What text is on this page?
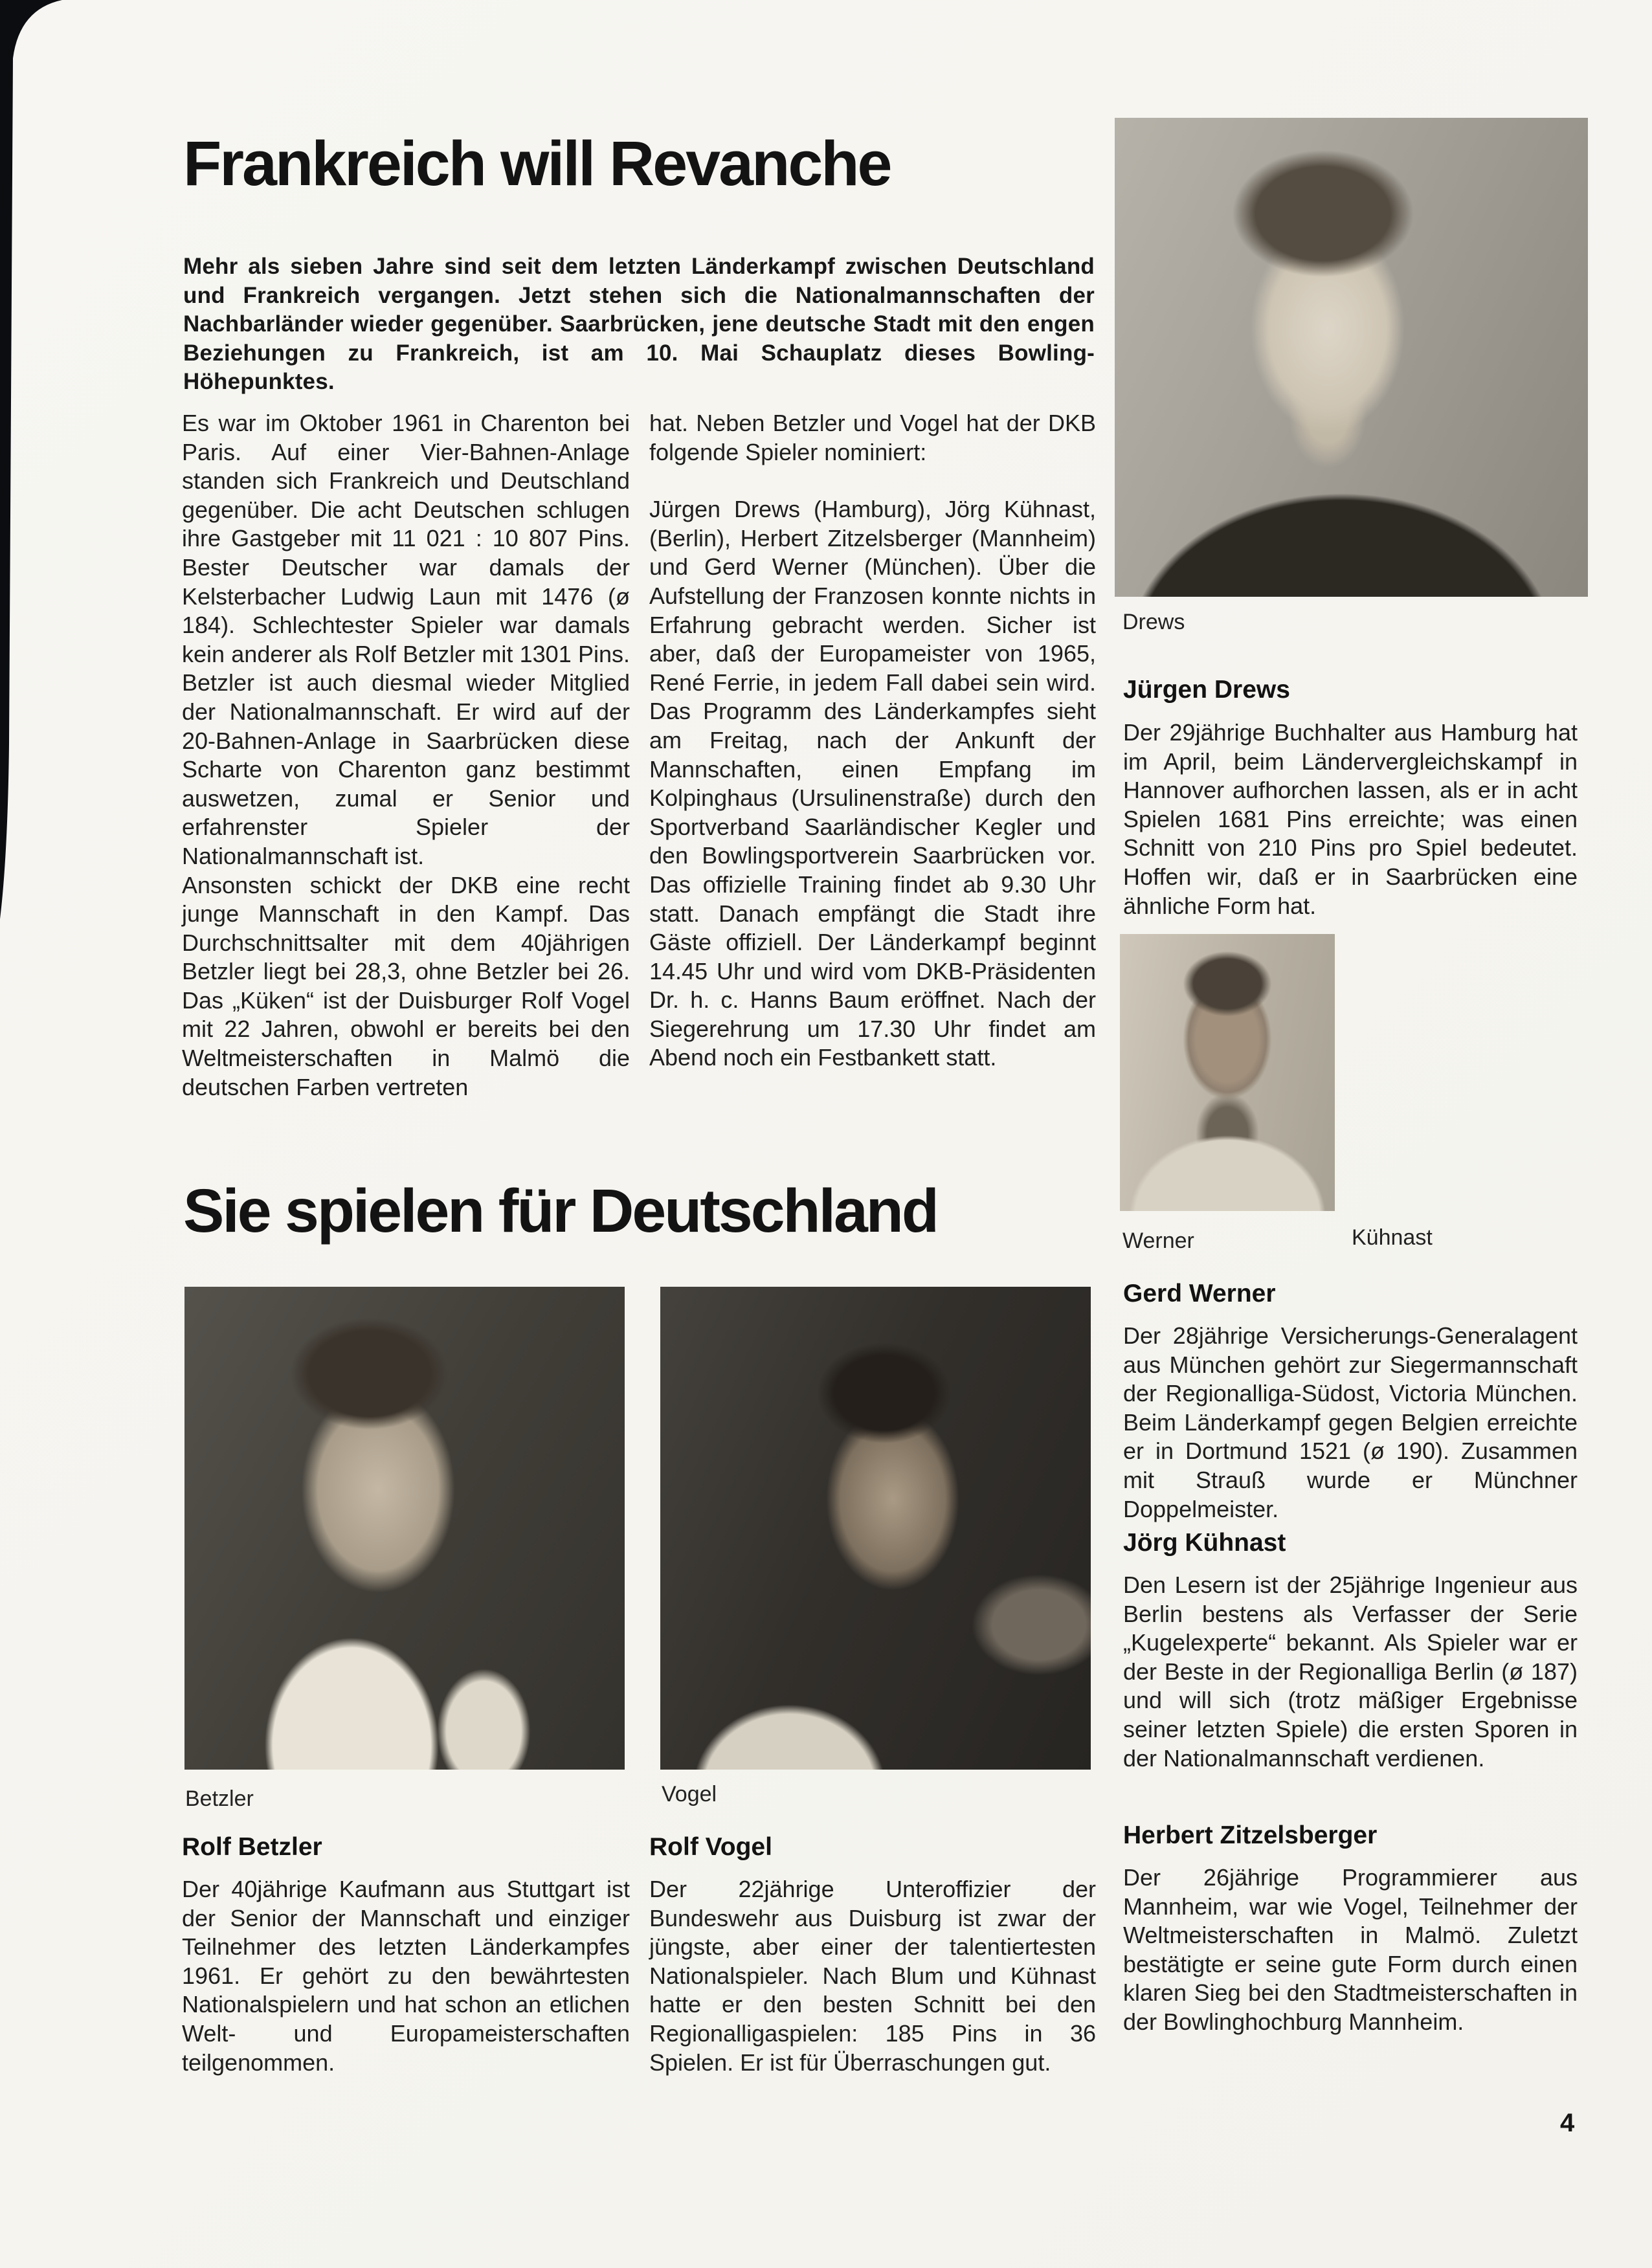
Frankreich will Revanche
Mehr als sieben Jahre sind seit dem letzten Länderkampf zwischen Deutschland und Frankreich vergangen. Jetzt stehen sich die Nationalmannschaften der Nachbarländer wieder gegenüber. Saarbrücken, jene deutsche Stadt mit den engen Beziehungen zu Frankreich, ist am 10. Mai Schauplatz dieses Bowling-Höhepunktes.

Es war im Oktober 1961 in Charenton bei Paris. Auf einer Vier-Bahnen-Anlage standen sich Frankreich und Deutschland gegenüber. Die acht Deutschen schlugen ihre Gastgeber mit 11 021 : 10 807 Pins. Bester Deutscher war damals der Kelsterbacher Ludwig Laun mit 1476 (ø 184). Schlechtester Spieler war damals kein anderer als Rolf Betzler mit 1301 Pins. Betzler ist auch diesmal wieder Mitglied der Nationalmannschaft. Er wird auf der 20-Bahnen-Anlage in Saarbrücken diese Scharte von Charenton ganz bestimmt auswetzen, zumal er Senior und erfahrenster Spieler der Nationalmannschaft ist.

Ansonsten schickt der DKB eine recht junge Mannschaft in den Kampf. Das Durchschnittsalter mit dem 40jährigen Betzler liegt bei 28,3, ohne Betzler bei 26. Das „Küken“ ist der Duisburger Rolf Vogel mit 22 Jahren, obwohl er bereits bei den Weltmeisterschaften in Malmö die deutschen Farben vertreten

hat. Neben Betzler und Vogel hat der DKB folgende Spieler nominiert:

Jürgen Drews (Hamburg), Jörg Kühnast, (Berlin), Herbert Zitzelsberger (Mannheim) und Gerd Werner (München). Über die Aufstellung der Franzosen konnte nichts in Erfahrung gebracht werden. Sicher ist aber, daß der Europameister von 1965, René Ferrie, in jedem Fall dabei sein wird. Das Programm des Länderkampfes sieht am Freitag, nach der Ankunft der Mannschaften, einen Empfang im Kolpinghaus (Ursulinenstraße) durch den Sportverband Saarländischer Kegler und den Bowlingsportverein Saarbrücken vor. Das offizielle Training findet ab 9.30 Uhr statt. Danach empfängt die Stadt ihre Gäste offiziell. Der Länderkampf beginnt 14.45 Uhr und wird vom DKB-Präsidenten Dr. h. c. Hanns Baum eröffnet. Nach der Siegerehrung um 17.30 Uhr findet am Abend noch ein Festbankett statt.

Drews
Jürgen Drews

Der 29jährige Buchhalter aus Hamburg hat im April, beim Ländervergleichskampf in Hannover aufhorchen lassen, als er in acht Spielen 1681 Pins erreichte; was einen Schnitt von 210 Pins pro Spiel bedeutet. Hoffen wir, daß er in Saarbrücken eine ähnliche Form hat.

Werner	Kühnast
Gerd Werner

Der 28jährige Versicherungs-Generalagent aus München gehört zur Siegermannschaft der Regionalliga-Südost, Victoria München. Beim Länderkampf gegen Belgien erreichte er in Dortmund 1521 (ø 190). Zusammen mit Strauß wurde er Münchner Doppelmeister.

Jörg Kühnast

Den Lesern ist der 25jährige Ingenieur aus Berlin bestens als Verfasser der Serie „Kugelexperte“ bekannt. Als Spieler war er der Beste in der Regionalliga Berlin (ø 187) und will sich (trotz mäßiger Ergebnisse seiner letzten Spiele) die ersten Sporen in der Nationalmannschaft verdienen.

Herbert Zitzelsberger

Der 26jährige Programmierer aus Mannheim, war wie Vogel, Teilnehmer der Weltmeisterschaften in Malmö. Zuletzt bestätigte er seine gute Form durch einen klaren Sieg bei den Stadtmeisterschaften in der Bowlinghochburg Mannheim.

Sie spielen für Deutschland
Betzler	Vogel
Rolf Betzler

Der 40jährige Kaufmann aus Stuttgart ist der Senior der Mannschaft und einziger Teilnehmer des letzten Länderkampfes 1961. Er gehört zu den bewährtesten Nationalspielern und hat schon an etlichen Welt- und Europameisterschaften teilgenommen.

Rolf Vogel

Der 22jährige Unteroffizier der Bundeswehr aus Duisburg ist zwar der jüngste, aber einer der talentiertesten Nationalspieler. Nach Blum und Kühnast hatte er den besten Schnitt bei den Regionalligaspielen: 185 Pins in 36 Spielen. Er ist für Überraschungen gut.

4
